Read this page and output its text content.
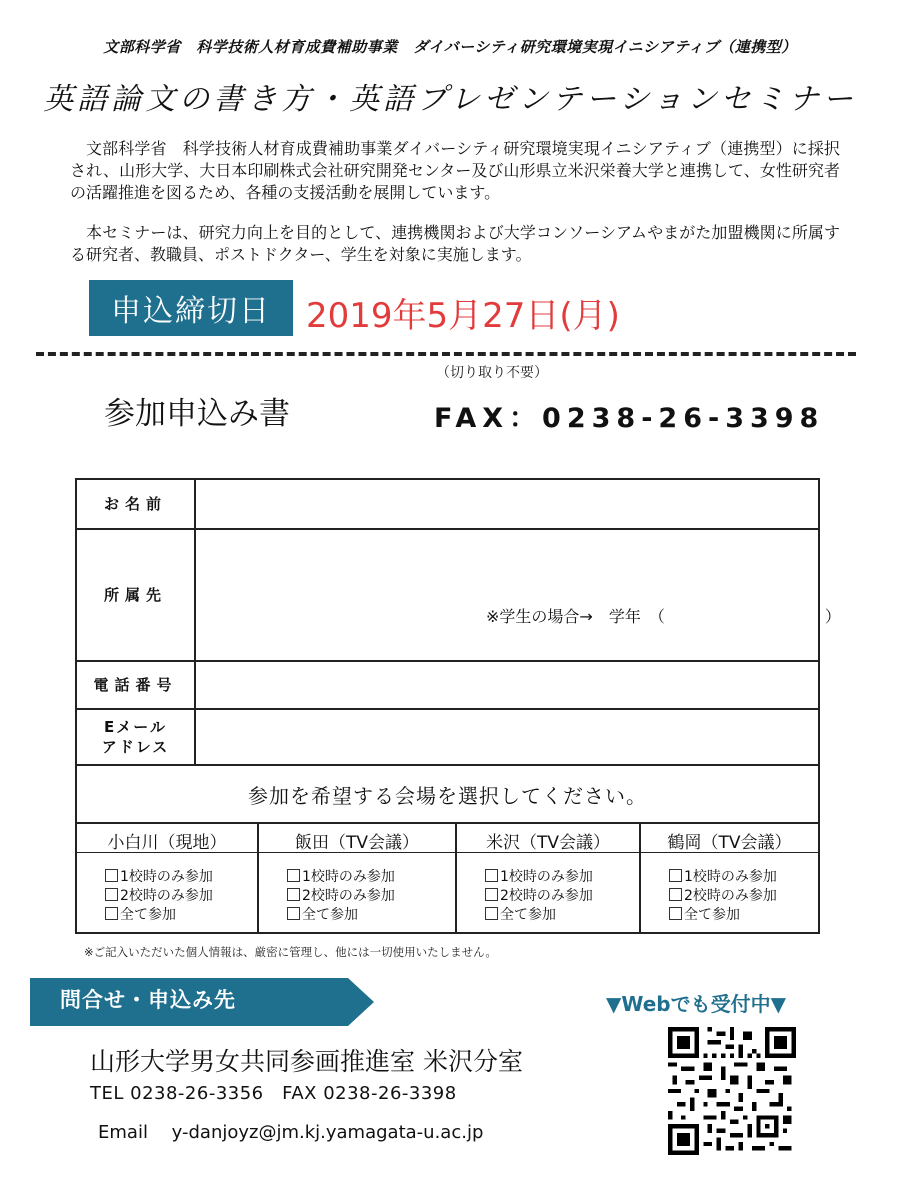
文部科学省　科学技術人材育成費補助事業　ダイバーシティ研究環境実現イニシアティブ（連携型）
英語論文の書き方・英語プレゼンテーションセミナー
文部科学省　科学技術人材育成費補助事業ダイバーシティ研究環境実現イニシアティブ（連携型）に採択され、山形大学、大日本印刷株式会社研究開発センター及び山形県立米沢栄養大学と連携して、女性研究者の活躍推進を図るため、各種の支援活動を展開しています。
本セミナーは、研究力向上を目的として、連携機関および大学コンソーシアムやまがた加盟機関に所属する研究者、教職員、ポストドクター、学生を対象に実施します。
申込締切日	2019年5月27日(月)
（切り取り不要）
参加申込み書	FAX：0238-26-3398
お名前
所属先
※学生の場合→　学年　（　　　　　　　　　　）
電話番号
Eメール
アドレス
参加を希望する会場を選択してください。
小白川（現地）
1校時のみ参加
2校時のみ参加
全て参加
飯田（TV会議）
1校時のみ参加
2校時のみ参加
全て参加
米沢（TV会議）
1校時のみ参加
2校時のみ参加
全て参加
鶴岡（TV会議）
1校時のみ参加
2校時のみ参加
全て参加
※ご記入いただいた個人情報は、厳密に管理し、他には一切使用いたしません。
問合せ・申込み先	▼Webでも受付中▼
山形大学男女共同参画推進室 米沢分室
TEL 0238-26-3356　FAX 0238-26-3398
Email　 y-danjoyz@jm.kj.yamagata-u.ac.jp
